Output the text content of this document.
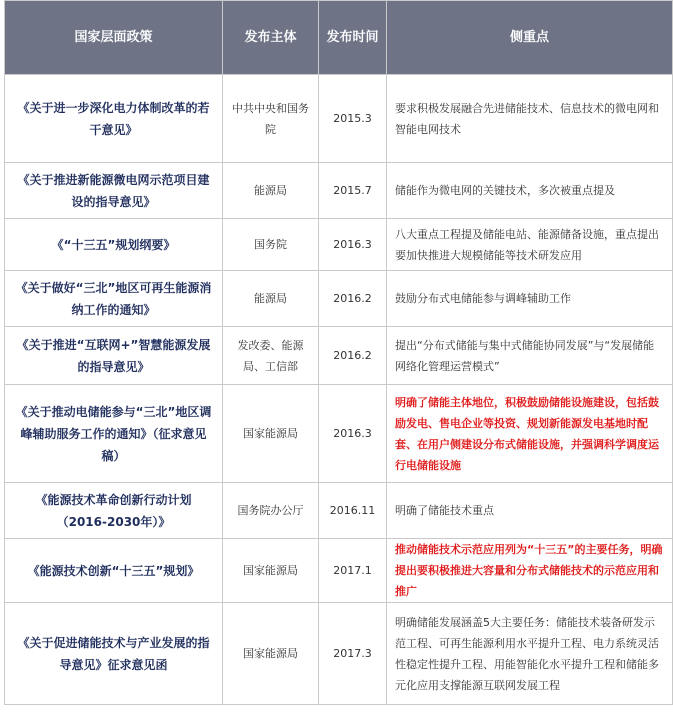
国家层面政策	发布主体	发布时间	侧重点
《关于进一步深化电力体制改革的若干意见》	中共中央和国务院	2015.3	要求积极发展融合先进储能技术、信息技术的微电网和智能电网技术
《关于推进新能源微电网示范项目建设的指导意见》	能源局	2015.7	储能作为微电网的关键技术，多次被重点提及
《“十三五”规划纲要》	国务院	2016.3	八大重点工程提及储能电站、能源储备设施，重点提出要加快推进大规模储能等技术研发应用
《关于做好“三北”地区可再生能源消纳工作的通知》	能源局	2016.2	鼓励分布式电储能参与调峰辅助工作
《关于推进“互联网+”智慧能源发展的指导意见》	发改委、能源局、工信部	2016.2	提出“分布式储能与集中式储能协同发展”与“发展储能网络化管理运营模式”
《关于推动电储能参与“三北”地区调峰辅助服务工作的通知》（征求意见稿）	国家能源局	2016.3	明确了储能主体地位，积极鼓励储能设施建设，包括鼓励发电、售电企业等投资、规划新能源发电基地时配套、在用户侧建设分布式储能设施，并强调科学调度运行电储能设施
《能源技术革命创新行动计划（2016-2030年）》	国务院办公厅	2016.11	明确了储能技术重点
《能源技术创新“十三五”规划》	国家能源局	2017.1	推动储能技术示范应用列为“十三五”的主要任务，明确提出要积极推进大容量和分布式储能技术的示范应用和推广
《关于促进储能技术与产业发展的指导意见》征求意见函	国家能源局	2017.3	明确储能发展涵盖5大主要任务：储能技术装备研发示范工程、可再生能源利用水平提升工程、电力系统灵活性稳定性提升工程、用能智能化水平提升工程和储能多元化应用支撑能源互联网发展工程
